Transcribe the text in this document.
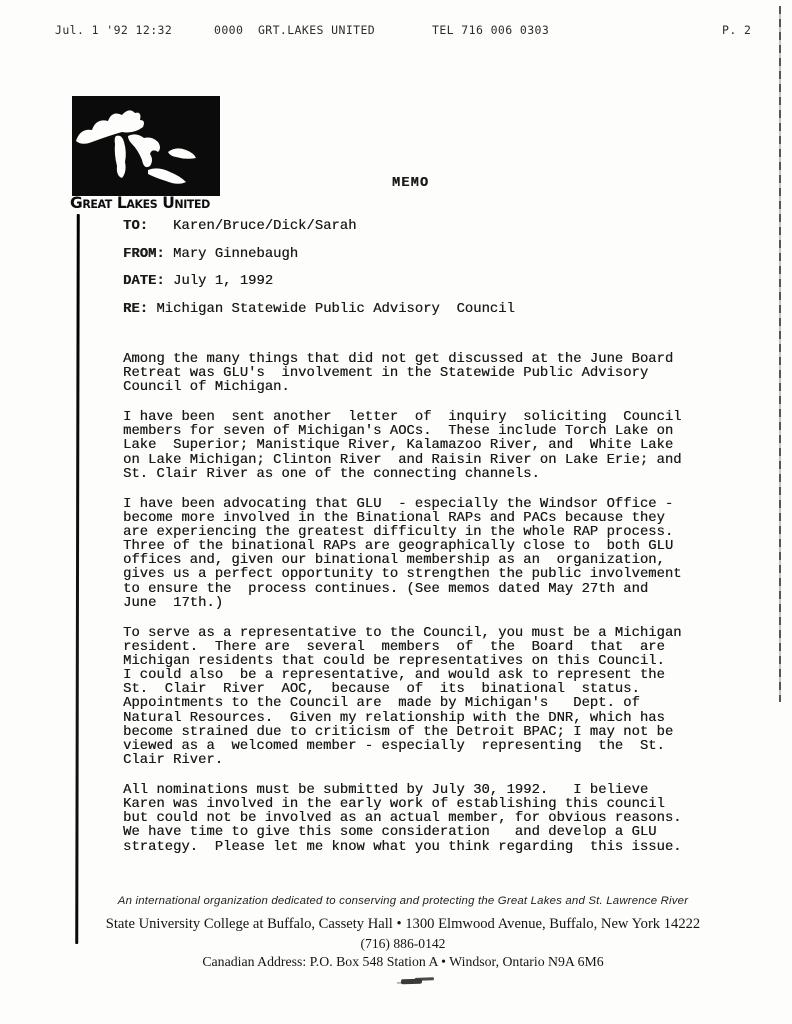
Jul. 1 '92 12:32	0000  GRT.LAKES UNITED	TEL 716 006 0303	P. 2
Great Lakes United
MEMO
TO:   Karen/Bruce/Dick/Sarah
FROM: Mary Ginnebaugh
DATE: July 1, 1992
RE: Michigan Statewide Public Advisory  Council
Among the many things that did not get discussed at the June Board
Retreat was GLU's  involvement in the Statewide Public Advisory
Council of Michigan.
I have been  sent another  letter  of  inquiry  soliciting  Council
members for seven of Michigan's AOCs.  These include Torch Lake on
Lake  Superior; Manistique River, Kalamazoo River, and  White Lake
on Lake Michigan; Clinton River  and Raisin River on Lake Erie; and
St. Clair River as one of the connecting channels.
I have been advocating that GLU  - especially the Windsor Office -
become more involved in the Binational RAPs and PACs because they
are experiencing the greatest difficulty in the whole RAP process.
Three of the binational RAPs are geographically close to  both GLU
offices and, given our binational membership as an  organization,
gives us a perfect opportunity to strengthen the public involvement
to ensure the  process continues. (See memos dated May 27th and
June  17th.)
To serve as a representative to the Council, you must be a Michigan
resident.  There are  several  members  of  the  Board  that  are
Michigan residents that could be representatives on this Council.
I could also  be a representative, and would ask to represent the
St.  Clair  River  AOC,  because  of  its  binational  status.
Appointments to the Council are  made by Michigan's   Dept. of
Natural Resources.  Given my relationship with the DNR, which has
become strained due to criticism of the Detroit BPAC; I may not be
viewed as a  welcomed member - especially  representing  the  St.
Clair River.
All nominations must be submitted by July 30, 1992.   I believe
Karen was involved in the early work of establishing this council
but could not be involved as an actual member, for obvious reasons.
We have time to give this some consideration   and develop a GLU
strategy.  Please let me know what you think regarding  this issue.
An international organization dedicated to conserving and protecting the Great Lakes and St. Lawrence River
State University College at Buffalo, Cassety Hall • 1300 Elmwood Avenue, Buffalo, New York 14222
(716) 886-0142
Canadian Address: P.O. Box 548 Station A • Windsor, Ontario N9A 6M6
